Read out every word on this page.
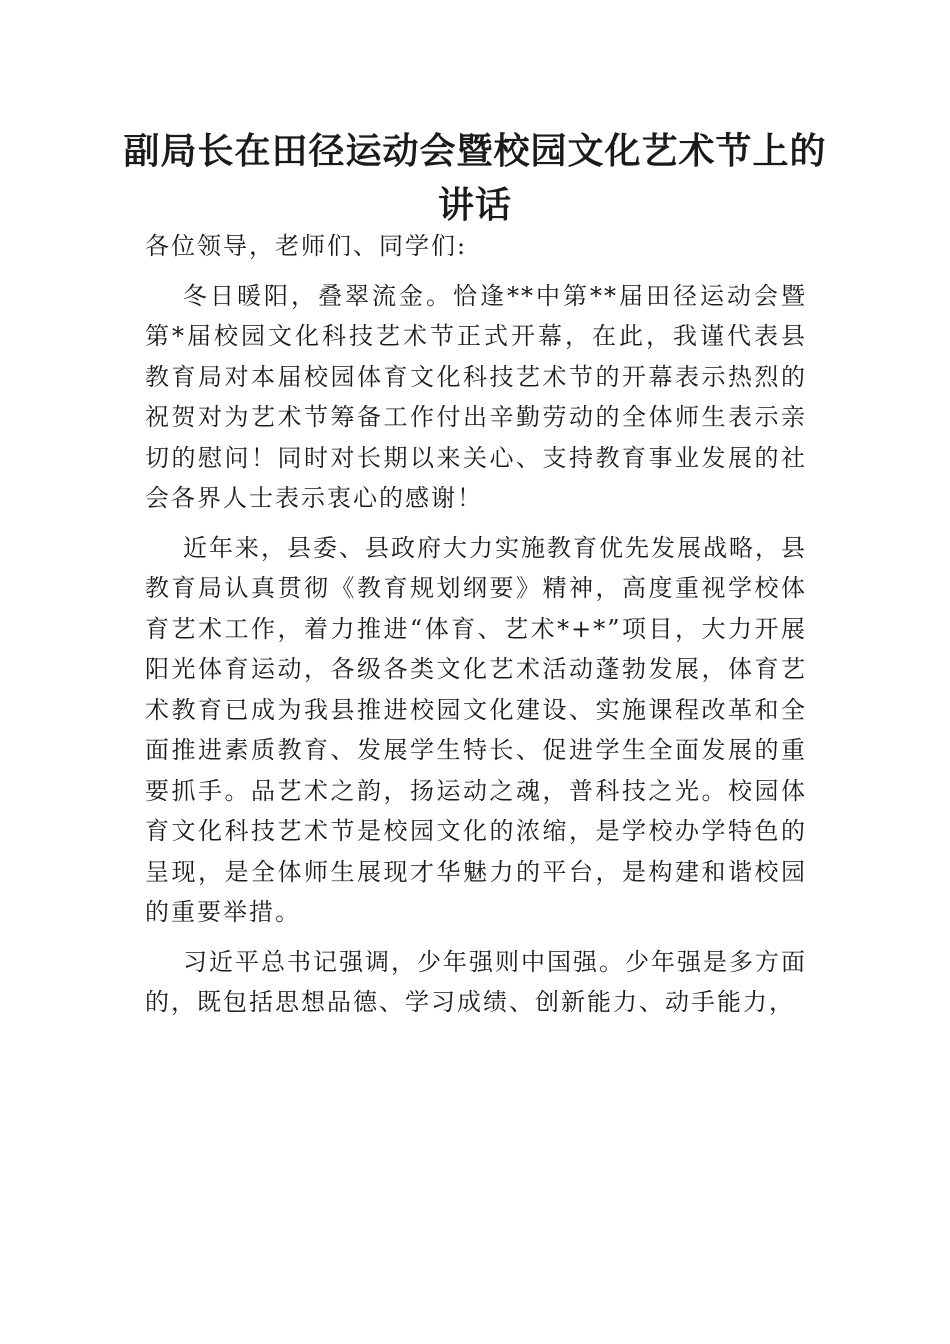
副局长在田径运动会暨校园文化艺术节上的讲话

各位领导，老师们、同学们:

冬日暖阳，叠翠流金。恰逢**中第**届田径运动会暨第*届校园文化科技艺术节正式开幕，在此，我谨代表县教育局对本届校园体育文化科技艺术节的开幕表示热烈的祝贺对为艺术节筹备工作付出辛勤劳动的全体师生表示亲切的慰问！同时对长期以来关心、支持教育事业发展的社会各界人士表示衷心的感谢！

近年来，县委、县政府大力实施教育优先发展战略，县教育局认真贯彻《教育规划纲要》精神，高度重视学校体育艺术工作，着力推进“体育、艺术*+*”项目，大力开展阳光体育运动，各级各类文化艺术活动蓬勃发展，体育艺术教育已成为我县推进校园文化建设、实施课程改革和全面推进素质教育、发展学生特长、促进学生全面发展的重要抓手。品艺术之韵，扬运动之魂，普科技之光。校园体育文化科技艺术节是校园文化的浓缩，是学校办学特色的呈现，是全体师生展现才华魅力的平台，是构建和谐校园的重要举措。

习近平总书记强调，少年强则中国强。少年强是多方面的，既包括思想品德、学习成绩、创新能力、动手能力，
